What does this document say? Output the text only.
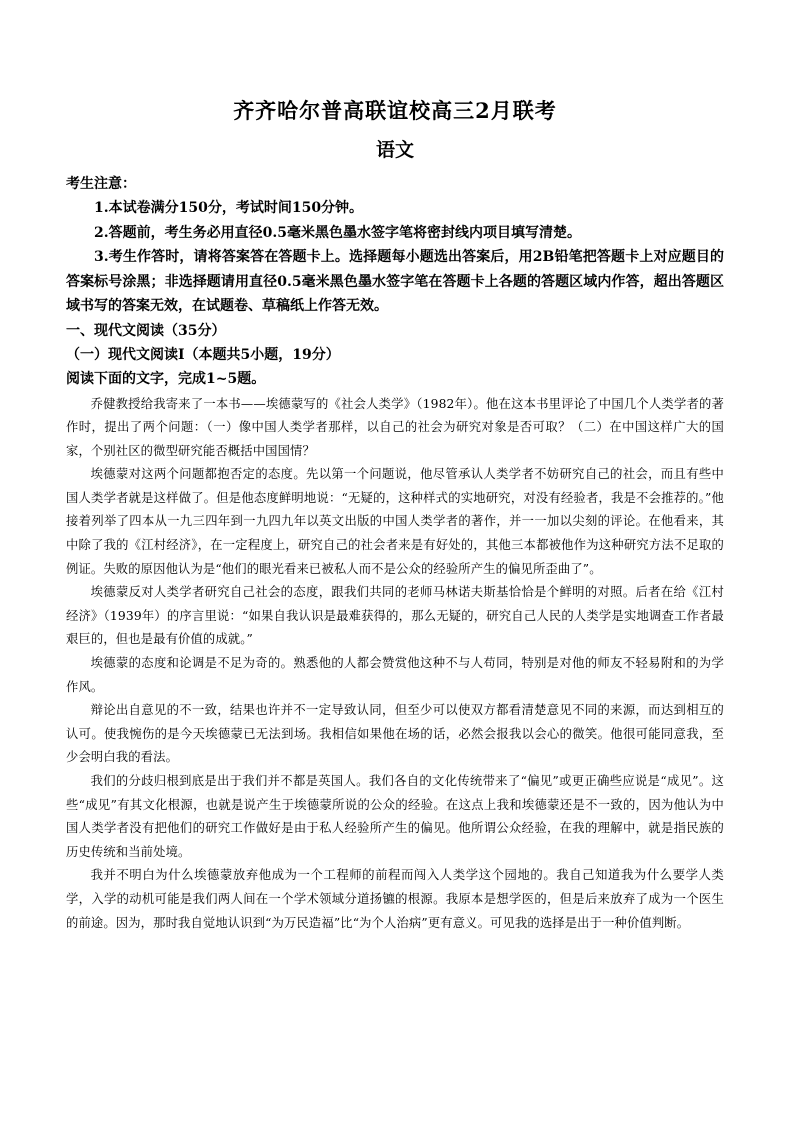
齐齐哈尔普高联谊校高三2月联考
语文
考生注意：

1.本试卷满分150分，考试时间150分钟。

2.答题前，考生务必用直径0.5毫米黑色墨水签字笔将密封线内项目填写清楚。

3.考生作答时，请将答案答在答题卡上。选择题每小题选出答案后，用2B铅笔把答题卡上对应题目的答案标号涂黑；非选择题请用直径0.5毫米黑色墨水签字笔在答题卡上各题的答题区域内作答，超出答题区域书写的答案无效，在试题卷、草稿纸上作答无效。

一、现代文阅读（35分）
（一）现代文阅读Ⅰ（本题共5小题，19分）
阅读下面的文字，完成1~5题。

乔健教授给我寄来了一本书——埃德蒙写的《社会人类学》（1982年）。他在这本书里评论了中国几个人类学者的著作时，提出了两个问题：（一）像中国人类学者那样，以自己的社会为研究对象是否可取？（二）在中国这样广大的国家，个别社区的微型研究能否概括中国国情？

埃德蒙对这两个问题都抱否定的态度。先以第一个问题说，他尽管承认人类学者不妨研究自己的社会，而且有些中国人类学者就是这样做了。但是他态度鲜明地说：“无疑的，这种样式的实地研究，对没有经验者，我是不会推荐的。”他接着列举了四本从一九三四年到一九四九年以英文出版的中国人类学者的著作，并一一加以尖刻的评论。在他看来，其中除了我的《江村经济》，在一定程度上，研究自己的社会者来是有好处的，其他三本都被他作为这种研究方法不足取的例证。失败的原因他认为是“他们的眼光看来已被私人而不是公众的经验所产生的偏见所歪曲了”。

埃德蒙反对人类学者研究自己社会的态度，跟我们共同的老师马林诺夫斯基恰恰是个鲜明的对照。后者在给《江村经济》（1939年）的序言里说：“如果自我认识是最难获得的，那么无疑的，研究自己人民的人类学是实地调查工作者最艰巨的，但也是最有价值的成就。”

埃德蒙的态度和论调是不足为奇的。熟悉他的人都会赞赏他这种不与人苟同，特别是对他的师友不轻易附和的为学作风。

辩论出自意见的不一致，结果也许并不一定导致认同，但至少可以使双方都看清楚意见不同的来源，而达到相互的认可。使我惋伤的是今天埃德蒙已无法到场。我相信如果他在场的话，必然会报我以会心的微笑。他很可能同意我，至少会明白我的看法。

我们的分歧归根到底是出于我们并不都是英国人。我们各自的文化传统带来了“偏见”或更正确些应说是“成见”。这些“成见”有其文化根源，也就是说产生于埃德蒙所说的公众的经验。在这点上我和埃德蒙还是不一致的，因为他认为中国人类学者没有把他们的研究工作做好是由于私人经验所产生的偏见。他所谓公众经验，在我的理解中，就是指民族的历史传统和当前处境。

我并不明白为什么埃德蒙放弃他成为一个工程师的前程而闯入人类学这个园地的。我自己知道我为什么要学人类学，入学的动机可能是我们两人间在一个学术领域分道扬镳的根源。我原本是想学医的，但是后来放弃了成为一个医生的前途。因为，那时我自觉地认识到“为万民造福”比“为个人治病”更有意义。可见我的选择是出于一种价值判断。
